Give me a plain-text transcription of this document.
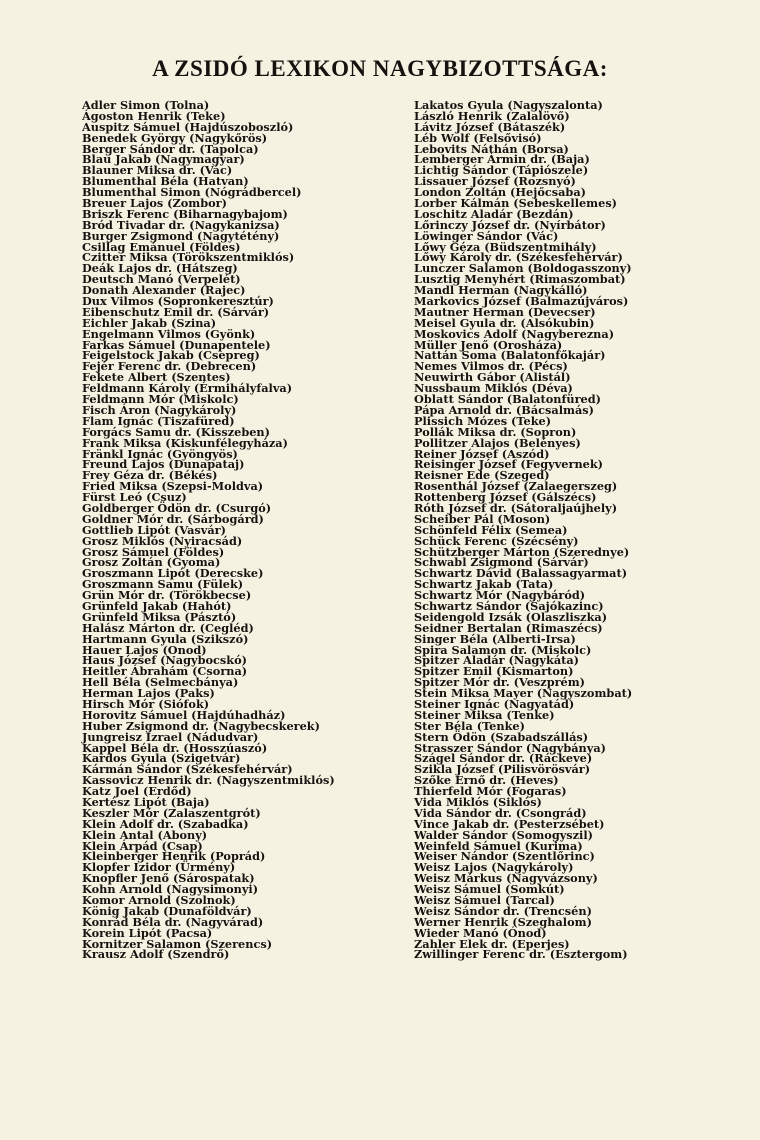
A ZSIDÓ LEXIKON NAGYBIZOTTSÁGA:
Adler Simon (Tolna)
Ágoston Henrik (Teke)
Auspitz Sámuel (Hajdúszoboszló)
Benedek György (Nagykőrös)
Berger Sándor dr. (Tapolca)
Blau Jakab (Nagymagyar)
Blauner Miksa dr. (Vác)
Blumenthal Béla (Hatvan)
Blumenthal Simon (Nógrádbercel)
Breuer Lajos (Zombor)
Briszk Ferenc (Biharnagybajom)
Bród Tivadar dr. (Nagykanizsa)
Burger Zsigmond (Nagytétény)
Csillag Emánuel (Földes)
Czitter Miksa (Törökszentmiklós)
Deák Lajos dr. (Hátszeg)
Deutsch Manó (Verpelét)
Donath Alexander (Rajec)
Dux Vilmos (Sopronkeresztúr)
Eibenschutz Emil dr. (Sárvár)
Eichler Jakab (Szina)
Engelmann Vilmos (Gyönk)
Farkas Sámuel (Dunapentele)
Feigelstock Jakab (Csepreg)
Fejér Ferenc dr. (Debrecen)
Fekete Albert (Szentes)
Feldmann Károly (Érmihályfalva)
Feldmann Mór (Miskolc)
Fisch Áron (Nagykároly)
Flam Ignác (Tiszafüred)
Forgács Samu dr. (Kisszeben)
Frank Miksa (Kiskunfélegyháza)
Fränkl Ignác (Gyöngyös)
Freund Lajos (Dunapataj)
Frey Géza dr. (Békés)
Fried Miksa (Szepsi-Moldva)
Fürst Leó (Csuz)
Goldberger Ödön dr. (Csurgó)
Goldner Mór dr. (Sárbogárd)
Gottlieb Lipót (Vasvár)
Grosz Miklós (Nyiracsád)
Grosz Sámuel (Földes)
Grosz Zoltán (Gyoma)
Groszmann Lipót (Derecske)
Groszmann Samu (Fülek)
Grün Mór dr. (Törökbecse)
Grünfeld Jakab (Hahót)
Grünfeld Miksa (Pásztó)
Halász Márton dr. (Cegléd)
Hartmann Gyula (Szikszó)
Hauer Lajos (Onod)
Haus József (Nagybocskó)
Heitler Ábrahám (Csorna)
Hell Béla (Selmecbánya)
Herman Lajos (Paks)
Hirsch Mór (Siófok)
Horovitz Sámuel (Hajdúhadház)
Huber Zsigmond dr. (Nagybecskerek)
Jungreisz Izrael (Nádudvar)
Kappel Béla dr. (Hosszúaszó)
Kardos Gyula (Szigetvár)
Kármán Sándor (Székesfehérvár)
Kassovicz Henrik dr. (Nagyszentmiklós)
Katz Joel (Erdőd)
Kertész Lipót (Baja)
Keszler Mór (Zalaszentgrót)
Klein Adolf dr. (Szabadka)
Klein Antal (Abony)
Klein Árpád (Csap)
Kleinberger Henrik (Poprád)
Klopfer Izidor (Ürmény)
Knopfler Jenő (Sárospatak)
Kohn Arnold (Nagysimonyi)
Komor Arnold (Szolnok)
König Jakab (Dunaföldvár)
Konrád Béla dr. (Nagyvárad)
Korein Lipót (Pacsa)
Kornitzer Salamon (Szerencs)
Krausz Adolf (Szendrő)
Lakatos Gyula (Nagyszalonta)
László Henrik (Zalalövő)
Lávitz József (Bátaszék)
Léb Wolf (Felsővisó)
Lebovits Náthán (Borsa)
Lemberger Ármin dr. (Baja)
Lichtig Sándor (Tápiószele)
Lissauer József (Rozsnyó)
London Zoltán (Hejőcsaba)
Lorber Kálmán (Sebeskellemes)
Loschitz Aladár (Bezdán)
Lőrinczy József dr. (Nyírbátor)
Löwinger Sándor (Vác)
Lőwy Géza (Büdszentmihály)
Lőwy Károly dr. (Székesfehérvár)
Lunczer Salamon (Boldogasszony)
Lusztig Menyhért (Rimaszombat)
Mandl Herman (Nagykálló)
Markovics József (Balmazújváros)
Mautner Herman (Devecser)
Meisel Gyula dr. (Alsókubin)
Moskovics Adolf (Nagyberezna)
Müller Jenő (Orosháza)
Nattán Soma (Balatonfőkajár)
Nemes Vilmos dr. (Pécs)
Neuwirth Gábor (Alistál)
Nussbaum Miklós (Déva)
Oblatt Sándor (Balatonfüred)
Pápa Arnold dr. (Bácsalmás)
Plissich Mózes (Teke)
Pollák Miksa dr. (Sopron)
Pollitzer Alajos (Belényes)
Reiner József (Aszód)
Reisinger József (Fegyvernek)
Reisner Ede (Szeged)
Rosenthál József (Zalaegerszeg)
Rottenberg József (Gálszécs)
Róth József dr. (Sátoraljaújhely)
Scheiber Pál (Moson)
Schönfeld Félix (Semea)
Schück Ferenc (Szécsény)
Schützberger Márton (Szerednye)
Schwabl Zsigmond (Sárvár)
Schwartz Dávid (Balassagyarmat)
Schwartz Jakab (Tata)
Schwartz Mór (Nagybáród)
Schwartz Sándor (Sajókazinc)
Seidengold Izsák (Olaszliszka)
Seidner Bertalan (Rimaszécs)
Singer Béla (Alberti-Irsa)
Spira Salamon dr. (Miskolc)
Spitzer Aladár (Nagykáta)
Spitzer Emil (Kismarton)
Spitzer Mór dr. (Veszprém)
Stein Miksa Mayer (Nagyszombat)
Steiner Ignác (Nagyatád)
Steiner Miksa (Tenke)
Ster Béla (Tenke)
Stern Ödön (Szabadszállás)
Strasszer Sándor (Nagybánya)
Szágel Sándor dr. (Ráckeve)
Szikla József (Pilisvörösvár)
Szőke Ernő dr. (Heves)
Thierfeld Mór (Fogaras)
Vida Miklós (Siklós)
Vida Sándor dr. (Csongrád)
Vince Jakab dr. (Pesterzsébet)
Walder Sándor (Somogyszil)
Weinfeld Sámuel (Kurima)
Weiser Nándor (Szentlőrinc)
Weisz Lajos (Nagykároly)
Weisz Márkus (Nagyvázsony)
Weisz Sámuel (Somkút)
Weisz Sámuel (Tarcal)
Weisz Sándor dr. (Trencsén)
Werner Henrik (Szeghalom)
Wieder Manó (Ónod)
Zahler Elek dr. (Eperjes)
Zwillinger Ferenc dr. (Esztergom)
